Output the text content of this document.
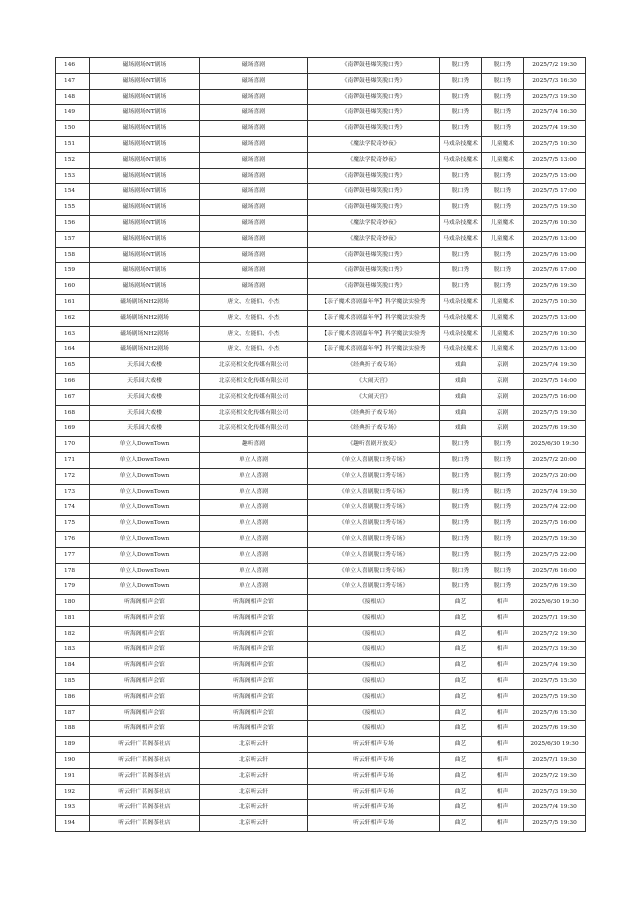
146	磁场剧场NT剧场	磁场喜剧	《南锣鼓巷爆笑脱口秀》	脱口秀	脱口秀	2025/7/2 19:30
147	磁场剧场NT剧场	磁场喜剧	《南锣鼓巷爆笑脱口秀》	脱口秀	脱口秀	2025/7/3 16:30
148	磁场剧场NT剧场	磁场喜剧	《南锣鼓巷爆笑脱口秀》	脱口秀	脱口秀	2025/7/3 19:30
149	磁场剧场NT剧场	磁场喜剧	《南锣鼓巷爆笑脱口秀》	脱口秀	脱口秀	2025/7/4 16:30
150	磁场剧场NT剧场	磁场喜剧	《南锣鼓巷爆笑脱口秀》	脱口秀	脱口秀	2025/7/4 19:30
151	磁场剧场NT剧场	磁场喜剧	《魔法学院奇妙夜》	马戏杂技魔术	儿童魔术	2025/7/5 10:30
152	磁场剧场NT剧场	磁场喜剧	《魔法学院奇妙夜》	马戏杂技魔术	儿童魔术	2025/7/5 13:00
153	磁场剧场NT剧场	磁场喜剧	《南锣鼓巷爆笑脱口秀》	脱口秀	脱口秀	2025/7/5 15:00
154	磁场剧场NT剧场	磁场喜剧	《南锣鼓巷爆笑脱口秀》	脱口秀	脱口秀	2025/7/5 17:00
155	磁场剧场NT剧场	磁场喜剧	《南锣鼓巷爆笑脱口秀》	脱口秀	脱口秀	2025/7/5 19:30
156	磁场剧场NT剧场	磁场喜剧	《魔法学院奇妙夜》	马戏杂技魔术	儿童魔术	2025/7/6 10:30
157	磁场剧场NT剧场	磁场喜剧	《魔法学院奇妙夜》	马戏杂技魔术	儿童魔术	2025/7/6 13:00
158	磁场剧场NT剧场	磁场喜剧	《南锣鼓巷爆笑脱口秀》	脱口秀	脱口秀	2025/7/6 15:00
159	磁场剧场NT剧场	磁场喜剧	《南锣鼓巷爆笑脱口秀》	脱口秀	脱口秀	2025/7/6 17:00
160	磁场剧场NT剧场	磁场喜剧	《南锣鼓巷爆笑脱口秀》	脱口秀	脱口秀	2025/7/6 19:30
161	磁场剧场NH2剧场	唐文、左能伯、小杰	【亲子魔术喜剧嘉年华】科学魔法实验秀	马戏杂技魔术	儿童魔术	2025/7/5 10:30
162	磁场剧场NH2剧场	唐文、左能伯、小杰	【亲子魔术喜剧嘉年华】科学魔法实验秀	马戏杂技魔术	儿童魔术	2025/7/5 13:00
163	磁场剧场NH2剧场	唐文、左能伯、小杰	【亲子魔术喜剧嘉年华】科学魔法实验秀	马戏杂技魔术	儿童魔术	2025/7/6 10:30
164	磁场剧场NH2剧场	唐文、左能伯、小杰	【亲子魔术喜剧嘉年华】科学魔法实验秀	马戏杂技魔术	儿童魔术	2025/7/6 13:00
165	天乐园大戏楼	北京亮相文化传媒有限公司	《经典折子戏专场》	戏曲	京剧	2025/7/4 19:30
166	天乐园大戏楼	北京亮相文化传媒有限公司	《大闹天宫》	戏曲	京剧	2025/7/5 14:00
167	天乐园大戏楼	北京亮相文化传媒有限公司	《大闹天宫》	戏曲	京剧	2025/7/5 16:00
168	天乐园大戏楼	北京亮相文化传媒有限公司	《经典折子戏专场》	戏曲	京剧	2025/7/5 19:30
169	天乐园大戏楼	北京亮相文化传媒有限公司	《经典折子戏专场》	戏曲	京剧	2025/7/6 19:30
170	单立人DownTown	趣听喜剧	《趣听喜剧开放麦》	脱口秀	脱口秀	2025/6/30 19:30
171	单立人DownTown	单立人喜剧	《单立人喜剧脱口秀专场》	脱口秀	脱口秀	2025/7/2 20:00
172	单立人DownTown	单立人喜剧	《单立人喜剧脱口秀专场》	脱口秀	脱口秀	2025/7/3 20:00
173	单立人DownTown	单立人喜剧	《单立人喜剧脱口秀专场》	脱口秀	脱口秀	2025/7/4 19:30
174	单立人DownTown	单立人喜剧	《单立人喜剧脱口秀专场》	脱口秀	脱口秀	2025/7/4 22:00
175	单立人DownTown	单立人喜剧	《单立人喜剧脱口秀专场》	脱口秀	脱口秀	2025/7/5 16:00
176	单立人DownTown	单立人喜剧	《单立人喜剧脱口秀专场》	脱口秀	脱口秀	2025/7/5 19:30
177	单立人DownTown	单立人喜剧	《单立人喜剧脱口秀专场》	脱口秀	脱口秀	2025/7/5 22:00
178	单立人DownTown	单立人喜剧	《单立人喜剧脱口秀专场》	脱口秀	脱口秀	2025/7/6 16:00
179	单立人DownTown	单立人喜剧	《单立人喜剧脱口秀专场》	脱口秀	脱口秀	2025/7/6 19:30
180	听海阁相声会馆	听海阁相声会馆	《接根店》	曲艺	相声	2025/6/30 19:30
181	听海阁相声会馆	听海阁相声会馆	《接根店》	曲艺	相声	2025/7/1 19:30
182	听海阁相声会馆	听海阁相声会馆	《接根店》	曲艺	相声	2025/7/2 19:30
183	听海阁相声会馆	听海阁相声会馆	《接根店》	曲艺	相声	2025/7/3 19:30
184	听海阁相声会馆	听海阁相声会馆	《接根店》	曲艺	相声	2025/7/4 19:30
185	听海阁相声会馆	听海阁相声会馆	《接根店》	曲艺	相声	2025/7/5 15:30
186	听海阁相声会馆	听海阁相声会馆	《接根店》	曲艺	相声	2025/7/5 19:30
187	听海阁相声会馆	听海阁相声会馆	《接根店》	曲艺	相声	2025/7/6 15:30
188	听海阁相声会馆	听海阁相声会馆	《接根店》	曲艺	相声	2025/7/6 19:30
189	听云轩广茗阁茶社店	北京听云轩	听云轩相声专场	曲艺	相声	2025/6/30 19:30
190	听云轩广茗阁茶社店	北京听云轩	听云轩相声专场	曲艺	相声	2025/7/1 19:30
191	听云轩广茗阁茶社店	北京听云轩	听云轩相声专场	曲艺	相声	2025/7/2 19:30
192	听云轩广茗阁茶社店	北京听云轩	听云轩相声专场	曲艺	相声	2025/7/3 19:30
193	听云轩广茗阁茶社店	北京听云轩	听云轩相声专场	曲艺	相声	2025/7/4 19:30
194	听云轩广茗阁茶社店	北京听云轩	听云轩相声专场	曲艺	相声	2025/7/5 19:30
